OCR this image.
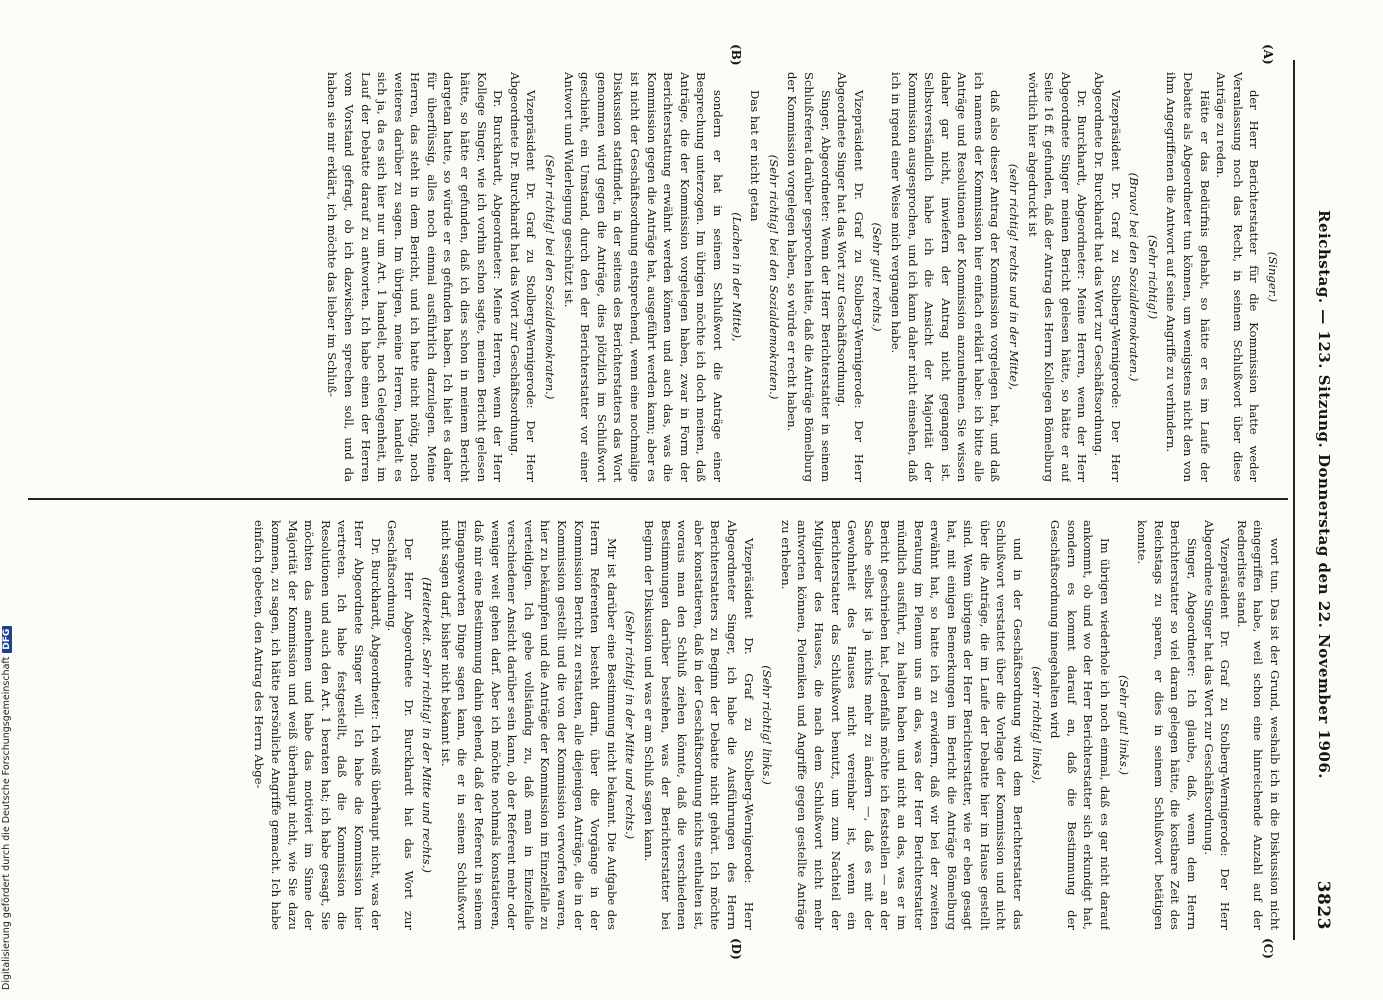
Reichstag. — 123. Sitzung. Donnerstag den 22. November 1906.
3823
(A)
(B)
(C)
(D)

(Singer.)

der Herr Berichterstatter für die Kommission hatte weder Veranlassung noch das Recht, in seinem Schlußwort über diese Anträge zu reden.

Hätte er das Bedürfnis gehabt, so hätte er es im Laufe der Debatte als Abgeordneter tun können, um wenigstens nicht den von ihm Angegriffenen die Antwort auf seine Angriffe zu verhindern.

(Sehr richtig!)

(Bravo! bei den Sozialdemokraten.)

Vizepräsident Dr. Graf zu Stolberg-Wernigerode: Der Herr Abgeordnete Dr. Burckhardt hat das Wort zur Geschäftsordnung.

Dr. Burckhardt, Abgeordneter: Meine Herren, wenn der Herr Abgeordnete Singer meinen Bericht gelesen hätte, so hätte er auf Seite 16 ff. gefunden, daß der Antrag des Herrn Kollegen Bömelburg wörtlich hier abgedruckt ist

(sehr richtig! rechts und in der Mitte),

daß also dieser Antrag der Kommission vorgelegen hat, und daß ich namens der Kommission hier einfach erklärt habe: ich bitte alle Anträge und Resolutionen der Kommission anzunehmen. Sie wissen daher gar nicht, inwiefern der Antrag nicht gegangen ist. Selbstverständlich habe ich die Ansicht der Majorität der Kommission ausgesprochen, und ich kann daher nicht einsehen, daß ich in irgend einer Weise mich vergangen habe.

(Sehr gut! rechts.)

Vizepräsident Dr. Graf zu Stolberg-Wernigerode: Der Herr Abgeordnete Singer hat das Wort zur Geschäftsordnung.

Singer, Abgeordneter: Wenn der Herr Berichterstatter in seinem Schlußreferat darüber gesprochen hätte, daß die Anträge Bömelburg der Kommission vorgelegen haben, so würde er recht haben.

(Sehr richtig! bei den Sozialdemokraten.)

Das hat er nicht getan

(Lachen in der Mitte),

sondern er hat in seinem Schlußwort die Anträge einer Besprechung unterzogen. Im übrigen möchte ich doch meinen, daß Anträge, die der Kommission vorgelegen haben, zwar in Form der Berichterstattung erwähnt werden können und auch das, was die Kommission gegen die Anträge hat, ausgeführt werden kann; aber es ist nicht der Geschäftsordnung entsprechend, wenn eine nochmalige Diskussion stattfindet, in der seitens des Berichterstatters das Wort genommen wird gegen die Anträge, dies plötzlich im Schlußwort geschieht, ein Umstand, durch den der Berichterstatter vor einer Antwort und Widerlegung geschützt ist.

(Sehr richtig! bei den Sozialdemokraten.)

Vizepräsident Dr. Graf zu Stolberg-Wernigerode: Der Herr Abgeordnete Dr. Burckhardt hat das Wort zur Geschäftsordnung.

Dr. Burckhardt, Abgeordneter: Meine Herren, wenn der Herr Kollege Singer, wie ich vorhin schon sagte, meinen Bericht gelesen hätte, so hätte er gefunden, daß ich dies schon in meinem Bericht dargetan hatte, so würde er es gefunden haben. Ich hielt es daher für überflüssig, alles noch einmal ausführlich darzulegen. Meine Herren, das steht in dem Bericht, und ich hatte nicht nötig, noch weiteres darüber zu sagen. Im übrigen, meine Herren, handelt es sich ja, da es sich hier nur um Art. 1 handelt, noch Gelegenheit, im Lauf der Debatte darauf zu antworten. Ich habe einen der Herren vom Vorstand gefragt, ob ich dazwischen sprechen soll, und da haben sie mir erklärt, ich möchte das lieber im Schluß-

wort tun. Das ist der Grund, weshalb ich in die Diskussion nicht eingegriffen habe, weil schon eine hinreichende Anzahl auf der Rednerliste stand.

Vizepräsident Dr. Graf zu Stolberg-Wernigerode: Der Herr Abgeordnete Singer hat das Wort zur Geschäftsordnung.

Singer, Abgeordneter: Ich glaube, daß, wenn dem Herrn Berichterstatter so viel daran gelegen hätte, die kostbare Zeit des Reichstags zu sparen, er dies in seinem Schlußwort betätigen konnte.

(Sehr gut! links.)

Im übrigen wiederhole ich noch einmal, daß es gar nicht darauf ankommt, ob und wo der Herr Berichterstatter sich erkundigt hat, sondern es kommt darauf an, daß die Bestimmung der Geschäftsordnung innegehalten wird

(sehr richtig! links),

und in der Geschäftsordnung wird dem Berichterstatter das Schlußwort verstattet über die Vorlage der Kommission und nicht über die Anträge, die im Laufe der Debatte hier im Hause gestellt sind. Wenn übrigens der Herr Berichterstatter, wie er eben gesagt hat, mit einigen Bemerkungen im Bericht die Anträge Bömelburg erwähnt hat, so hatte ich zu erwidern, daß wir bei der zweiten Beratung im Plenum uns an das, was der Herr Berichterstatter mündlich ausführt, zu halten haben und nicht an das, was er im Bericht geschrieben hat. Jedenfalls möchte ich feststellen — an der Sache selbst ist ja nichts mehr zu ändern —, daß es mit der Gewohnheit des Hauses nicht vereinbar ist, wenn ein Berichterstatter das Schlußwort benutzt, um zum Nachteil der Mitglieder des Hauses, die nach dem Schlußwort nicht mehr antworten können, Polemiken und Angriffe gegen gestellte Anträge zu erheben.

(Sehr richtig! links.)

Vizepräsident Dr. Graf zu Stolberg-Wernigerode: Herr Abgeordneter Singer, ich habe die Ausführungen des Herrn Berichterstatters zu Beginn der Debatte nicht gehört. Ich möchte aber konstatieren, daß in der Geschäftsordnung nichts enthalten ist, woraus man den Schluß ziehen könnte, daß die verschiedenen Bestimmungen darüber bestehen, was der Berichterstatter bei Beginn der Diskussion und was er am Schluß sagen kann.

(Sehr richtig! in der Mitte und rechts.)

Mir ist darüber eine Bestimmung nicht bekannt. Die Aufgabe des Herrn Referenten besteht darin, über die Vorgänge in der Kommission Bericht zu erstatten, alle diejenigen Anträge, die in der Kommission gestellt und die von der Kommission verworfen waren, hier zu bekämpfen und die Anträge der Kommission im Einzelfalle zu verteidigen. Ich gebe vollständig zu, daß man in Einzelfalle verschiedener Ansicht darüber sein kann, ob der Referent mehr oder weniger weit gehen darf. Aber ich möchte nochmals konstatieren, daß mir eine Bestimmung dahin gehend, daß der Referent in seinem Eingangsworten Dinge sagen kann, die er in seinem Schlußwort nicht sagen darf, bisher nicht bekannt ist.

(Heiterkeit. Sehr richtig! in der Mitte und rechts.)

Der Herr Abgeordnete Dr. Burckhardt hat das Wort zur Geschäftsordnung.

Dr. Burckhardt, Abgeordneter: Ich weiß überhaupt nicht, was der Herr Abgeordnete Singer will. Ich habe die Kommission hier vertreten. Ich habe festgestellt, daß die Kommission die Resolutionen und auch den Art. 1 beraten hat; ich habe gesagt, Sie möchten das annehmen und habe das motiviert im Sinne der Majorität der Kommission und weiß überhaupt nicht, wie Sie dazu kommen, zu sagen, ich hätte persönliche Angriffe gemacht. Ich habe einfach gebeten, den Antrag des Herrn Abge-

Digitalisierung gefördert durch die Deutsche ForschungsgemeinschaftDFG
